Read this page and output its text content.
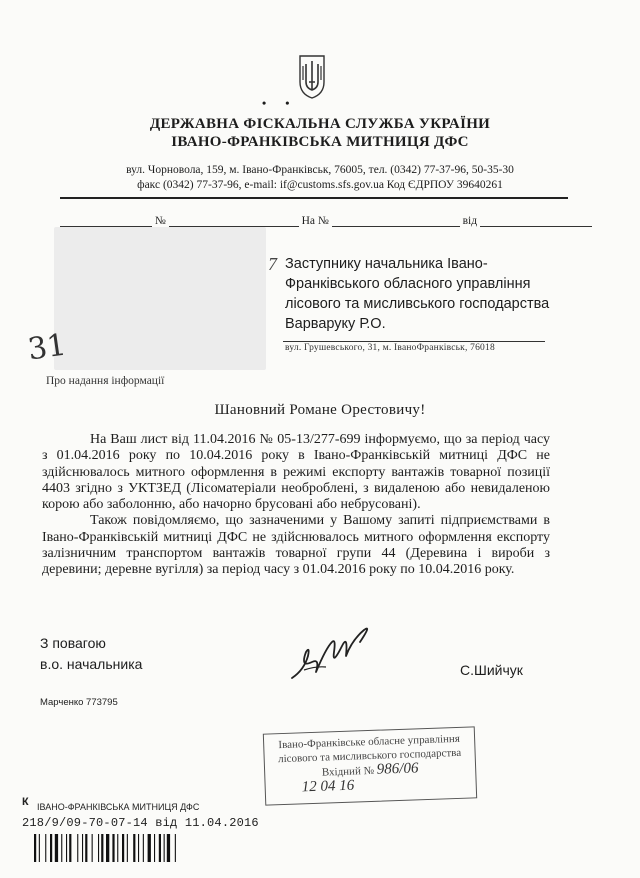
• •
ДЕРЖАВНА ФІСКАЛЬНА СЛУЖБА УКРАЇНИ
ІВАНО-ФРАНКІВСЬКА МИТНИЦЯ ДФС
вул. Чорновола, 159, м. Івано-Франківськ, 76005, тел. (0342) 77-37-96, 50-35-30
факс (0342) 77-37-96, e-mail: if@customs.sfs.gov.ua Код ЄДРПОУ 39640261
№	На №	від
31
7 Заступнику начальника Івано-
Франківського обласного управління
лісового та мисливського господарства
Варваруку Р.О.
вул. Грушевського, 31, м. ІваноФранківськ, 76018
Про надання інформації
Шановний Романе Орестовичу!

На Ваш лист від 11.04.2016 № 05-13/277-699 інформуємо, що за період часу з 01.04.2016 року по 10.04.2016 року в Івано-Франківській митниці ДФС не здійснювалось митного оформлення в режимі експорту вантажів товарної позиції 4403 згідно з УКТЗЕД (Лісоматеріали необроблені, з видаленою або невидаленою корою або заболонню, або начорно брусовані або небрусовані).

Також повідомляємо, що зазначеними у Вашому запиті підприємствами в Івано-Франківській митниці ДФС не здійснювалось митного оформлення експорту залізничним транспортом вантажів товарної групи 44 (Деревина і вироби з деревини; деревне вугілля) за період часу з 01.04.2016 року по 10.04.2016 року.

З повагою
в.о. начальника	С.Шийчук
Марченко 773795
Івано-Франківське обласне управління
лісового та мисливського господарства
Вхідний № 986/06
12 04 16
К ІВАНО-ФРАНКІВСЬКА МИТНИЦЯ ДФС
218/9/09-70-07-14 від 11.04.2016
